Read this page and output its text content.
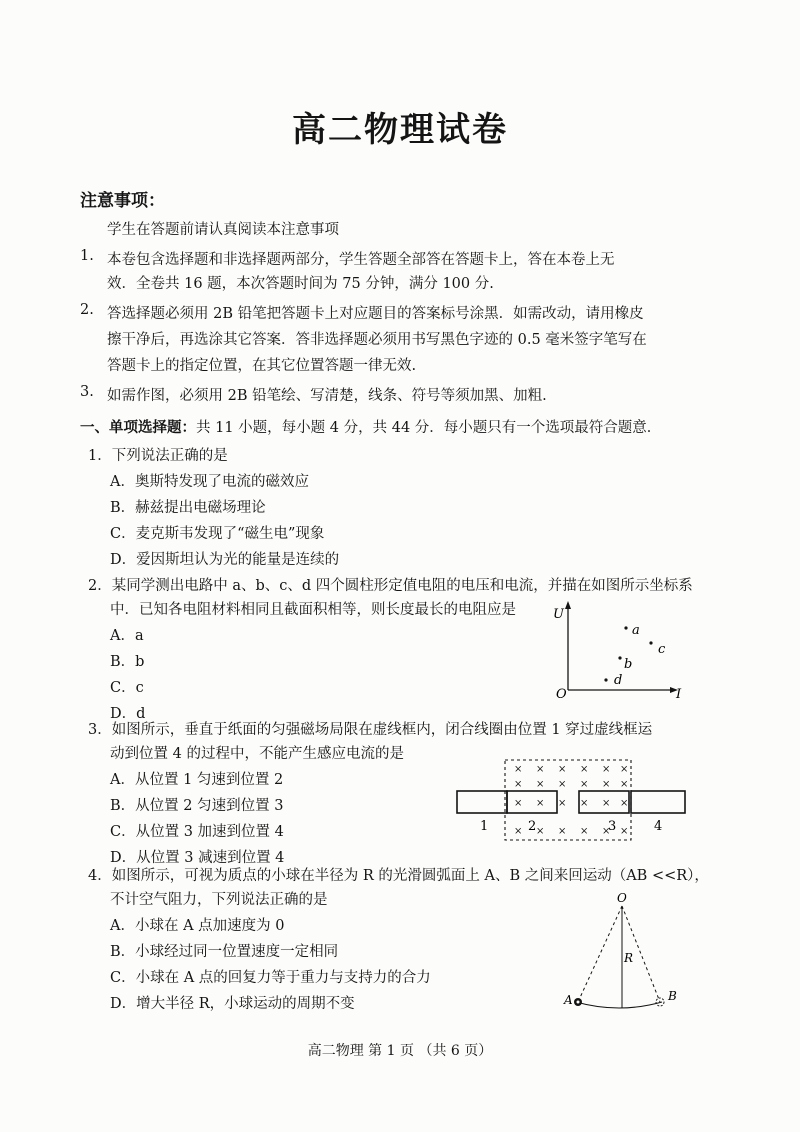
高二物理试卷
注意事项：
学生在答题前请认真阅读本注意事项
1. 本卷包含选择题和非选择题两部分，学生答题全部答在答题卡上，答在本卷上无
效．全卷共 16 题，本次答题时间为 75 分钟，满分 100 分.
2. 答选择题必须用 2B 铅笔把答题卡上对应题目的答案标号涂黑．如需改动，请用橡皮
擦干净后，再选涂其它答案．答非选择题必须用书写黑色字迹的 0.5 毫米签字笔写在
答题卡上的指定位置，在其它位置答题一律无效.
3. 如需作图，必须用 2B 铅笔绘、写清楚，线条、符号等须加黑、加粗.
一、单项选择题：共 11 小题，每小题 4 分，共 44 分．每小题只有一个选项最符合题意．
1．下列说法正确的是
A．奥斯特发现了电流的磁效应
B．赫兹提出电磁场理论
C．麦克斯韦发现了“磁生电”现象
D．爱因斯坦认为光的能量是连续的
2．某同学测出电路中 a、b、c、d 四个圆柱形定值电阻的电压和电流，并描在如图所示坐标系
中．已知各电阻材料相同且截面积相等，则长度最长的电阻应是
A．a
B．b
C．c
D．d
U
I
O
a
c
b
d
3．如图所示，垂直于纸面的匀强磁场局限在虚线框内，闭合线圈由位置 1 穿过虚线框运
动到位置 4 的过程中，不能产生感应电流的是
A．从位置 1 匀速到位置 2
B．从位置 2 匀速到位置 3
C．从位置 3 加速到位置 4
D．从位置 3 减速到位置 4
× × × × × ×
× × × × × ×
× × × × × ×
× × × × × ×
1	2	3	4
4．如图所示，可视为质点的小球在半径为 R 的光滑圆弧面上 A、B 之间来回运动（AB <<R），
不计空气阻力，下列说法正确的是
A．小球在 A 点加速度为 0
B．小球经过同一位置速度一定相同
C．小球在 A 点的回复力等于重力与支持力的合力
D．增大半径 R，小球运动的周期不变
O
R
A	B
高二物理 第 1 页 （共 6 页）
